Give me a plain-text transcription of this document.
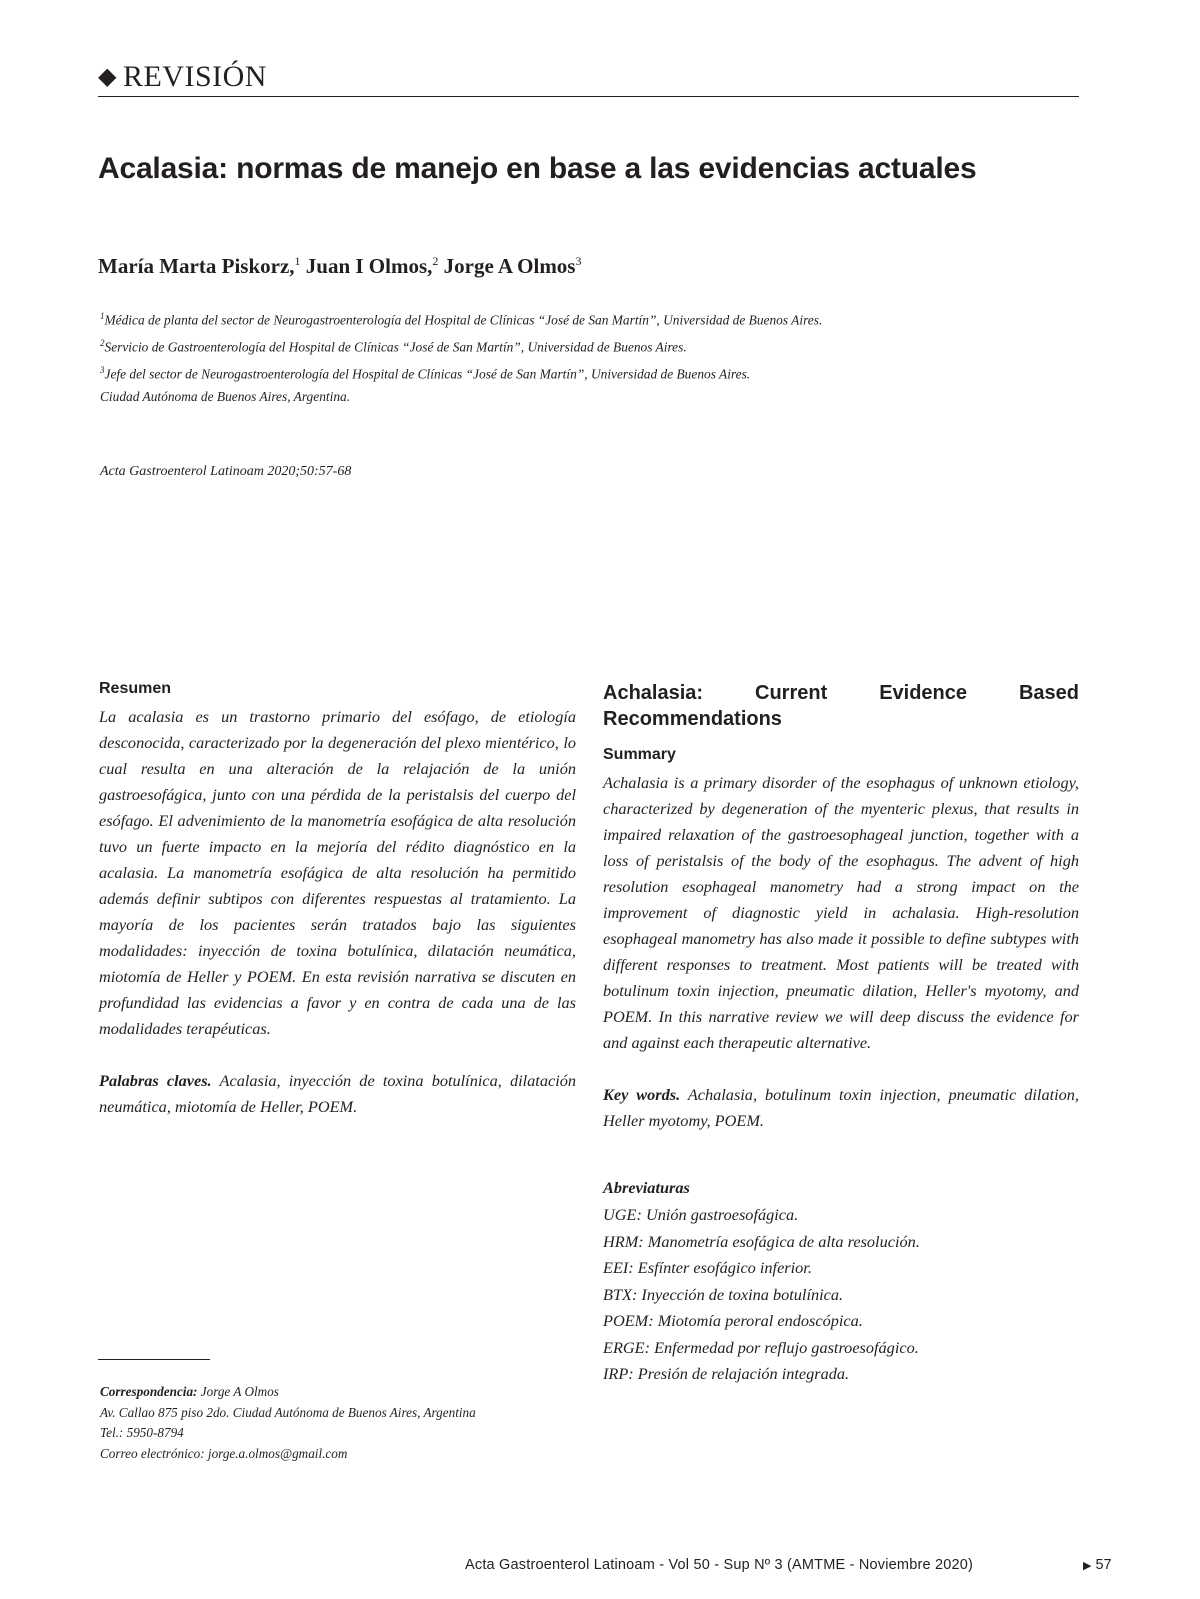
◆ REVISIÓN
Acalasia: normas de manejo en base a las evidencias actuales
María Marta Piskorz,$^1$ Juan I Olmos,$^2$ Jorge A Olmos$^3$
$^1$Médica de planta del sector de Neurogastroenterología del Hospital de Clínicas “José de San Martín”, Universidad de Buenos Aires.
$^2$Servicio de Gastroenterología del Hospital de Clínicas “José de San Martín”, Universidad de Buenos Aires.
$^3$Jefe del sector de Neurogastroenterología del Hospital de Clínicas “José de San Martín”, Universidad de Buenos Aires.
Ciudad Autónoma de Buenos Aires, Argentina.
Acta Gastroenterol Latinoam 2020;50:57-68
Resumen

La acalasia es un trastorno primario del esófago, de etiología desconocida, caracterizado por la degeneración del plexo mientérico, lo cual resulta en una alteración de la relajación de la unión gastroesofágica, junto con una pérdida de la peristalsis del cuerpo del esófago. El advenimiento de la manometría esofágica de alta resolución tuvo un fuerte impacto en la mejoría del rédito diagnóstico en la acalasia. La manometría esofágica de alta resolución ha permitido además definir subtipos con diferentes respuestas al tratamiento. La mayoría de los pacientes serán tratados bajo las siguientes modalidades: inyección de toxina botulínica, dilatación neumática, miotomía de Heller y POEM. En esta revisión narrativa se discuten en profundidad las evidencias a favor y en contra de cada una de las modalidades terapéuticas.

Palabras claves. Acalasia, inyección de toxina botulínica, dilatación neumática, miotomía de Heller, POEM.

Achalasia: Current Evidence Based Recommendations
Summary

Achalasia is a primary disorder of the esophagus of unknown etiology, characterized by degeneration of the myenteric plexus, that results in impaired relaxation of the gastroesophageal junction, together with a loss of peristalsis of the body of the esophagus. The advent of high resolution esophageal manometry had a strong impact on the improvement of diagnostic yield in achalasia. High-resolution esophageal manometry has also made it possible to define subtypes with different responses to treatment. Most patients will be treated with botulinum toxin injection, pneumatic dilation, Heller's myotomy, and POEM. In this narrative review we will deep discuss the evidence for and against each therapeutic alternative.

Key words. Achalasia, botulinum toxin injection, pneumatic dilation, Heller myotomy, POEM.

Abreviaturas

UGE: Unión gastroesofágica.
HRM: Manometría esofágica de alta resolución.
EEI: Esfínter esofágico inferior.
BTX: Inyección de toxina botulínica.
POEM: Miotomía peroral endoscópica.
ERGE: Enfermedad por reflujo gastroesofágico.
IRP: Presión de relajación integrada.
Correspondencia: Jorge A Olmos
Av. Callao 875 piso 2do. Ciudad Autónoma de Buenos Aires, Argentina
Tel.: 5950-8794
Correo electrónico: jorge.a.olmos@gmail.com
Acta Gastroenterol Latinoam - Vol 50 - Sup Nº 3 (AMTME - Noviembre 2020)	▶ 57
